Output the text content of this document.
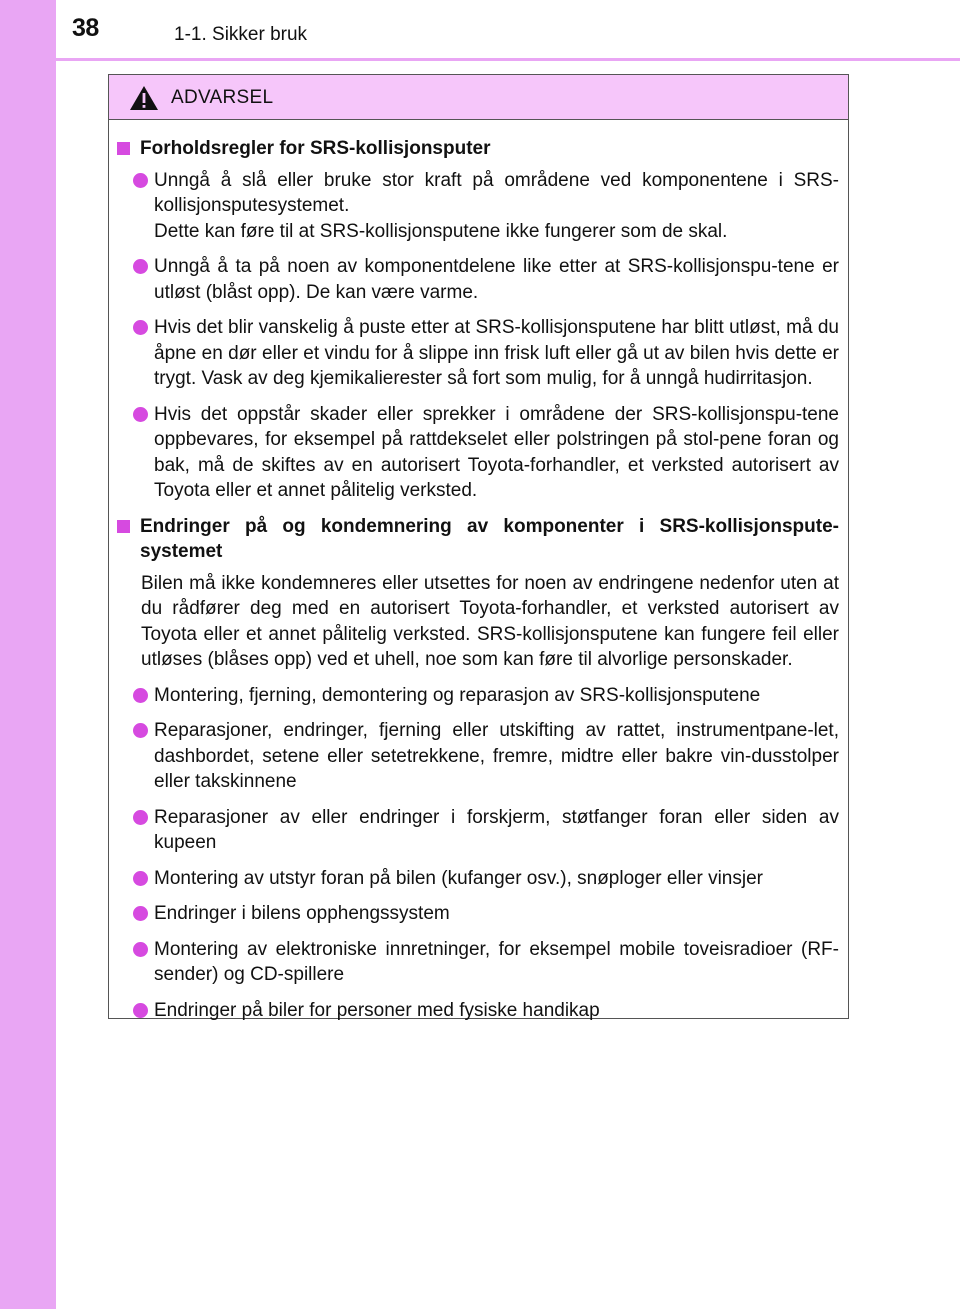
38	1-1. Sikker bruk
ADVARSEL
Forholdsregler for SRS-kollisjonsputer
Unngå å slå eller bruke stor kraft på områdene ved komponentene i SRS-kollisjonsputesystemet.
Dette kan føre til at SRS-kollisjonsputene ikke fungerer som de skal.
Unngå å ta på noen av komponentdelene like etter at SRS-kollisjonspu-tene er utløst (blåst opp). De kan være varme.
Hvis det blir vanskelig å puste etter at SRS-kollisjonsputene har blitt utløst, må du åpne en dør eller et vindu for å slippe inn frisk luft eller gå ut av bilen hvis dette er trygt. Vask av deg kjemikalierester så fort som mulig, for å unngå hudirritasjon.
Hvis det oppstår skader eller sprekker i områdene der SRS-kollisjonspu-tene oppbevares, for eksempel på rattdekselet eller polstringen på stol-pene foran og bak, må de skiftes av en autorisert Toyota-forhandler, et verksted autorisert av Toyota eller et annet pålitelig verksted.
Endringer på og kondemnering av komponenter i SRS-kollisjonspute-systemet
Bilen må ikke kondemneres eller utsettes for noen av endringene nedenfor uten at du rådfører deg med en autorisert Toyota-forhandler, et verksted autorisert av Toyota eller et annet pålitelig verksted. SRS-kollisjonsputene kan fungere feil eller utløses (blåses opp) ved et uhell, noe som kan føre til alvorlige personskader.
Montering, fjerning, demontering og reparasjon av SRS-kollisjonsputene
Reparasjoner, endringer, fjerning eller utskifting av rattet, instrumentpane-let, dashbordet, setene eller setetrekkene, fremre, midtre eller bakre vin-dusstolper eller takskinnene
Reparasjoner av eller endringer i forskjerm, støtfanger foran eller siden av kupeen
Montering av utstyr foran på bilen (kufanger osv.), snøploger eller vinsjer
Endringer i bilens opphengssystem
Montering av elektroniske innretninger, for eksempel mobile toveisradioer (RF-sender) og CD-spillere
Endringer på biler for personer med fysiske handikap
